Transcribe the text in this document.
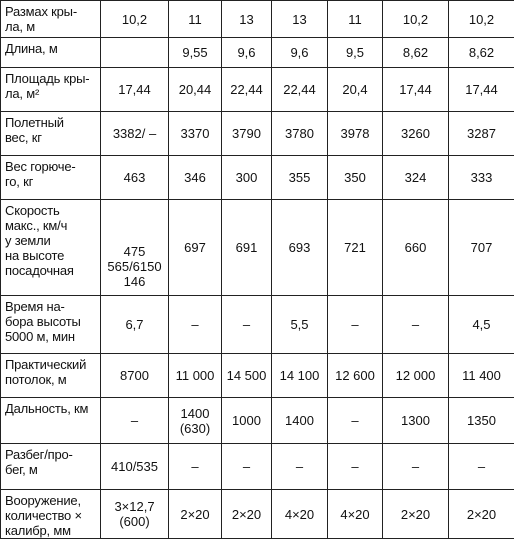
Размах кры-
ла, м	10,2	11	13	13	11	10,2	10,2

Длина, м		9,55	9,6	9,6	9,5	8,62	8,62

Площадь кры-
ла, м²	17,44	20,44	22,44	22,44	20,4	17,44	17,44

Полетный
вес, кг	3382/ –	3370	3790	3780	3978	3260	3287

Вес горюче-
го, кг	463	346	300	355	350	324	333

Скорость
макс., км/ч
у земли
на высоте
посадочная	475
565/6150
146	697	691	693	721	660	707

Время на-
бора высоты
5000 м, мин	6,7	–	–	5,5	–	–	4,5

Практический
потолок, м	8700	11 000	14 500	14 100	12 600	12 000	11 400

Дальность, км	–	1400
(630)	1000	1400	–	1300	1350

Разбег/про-
бег, м	410/535	–	–	–	–	–	–

Вооружение,
количество ×
калибр, мм	3×12,7
(600)	2×20	2×20	4×20	4×20	2×20	2×20
